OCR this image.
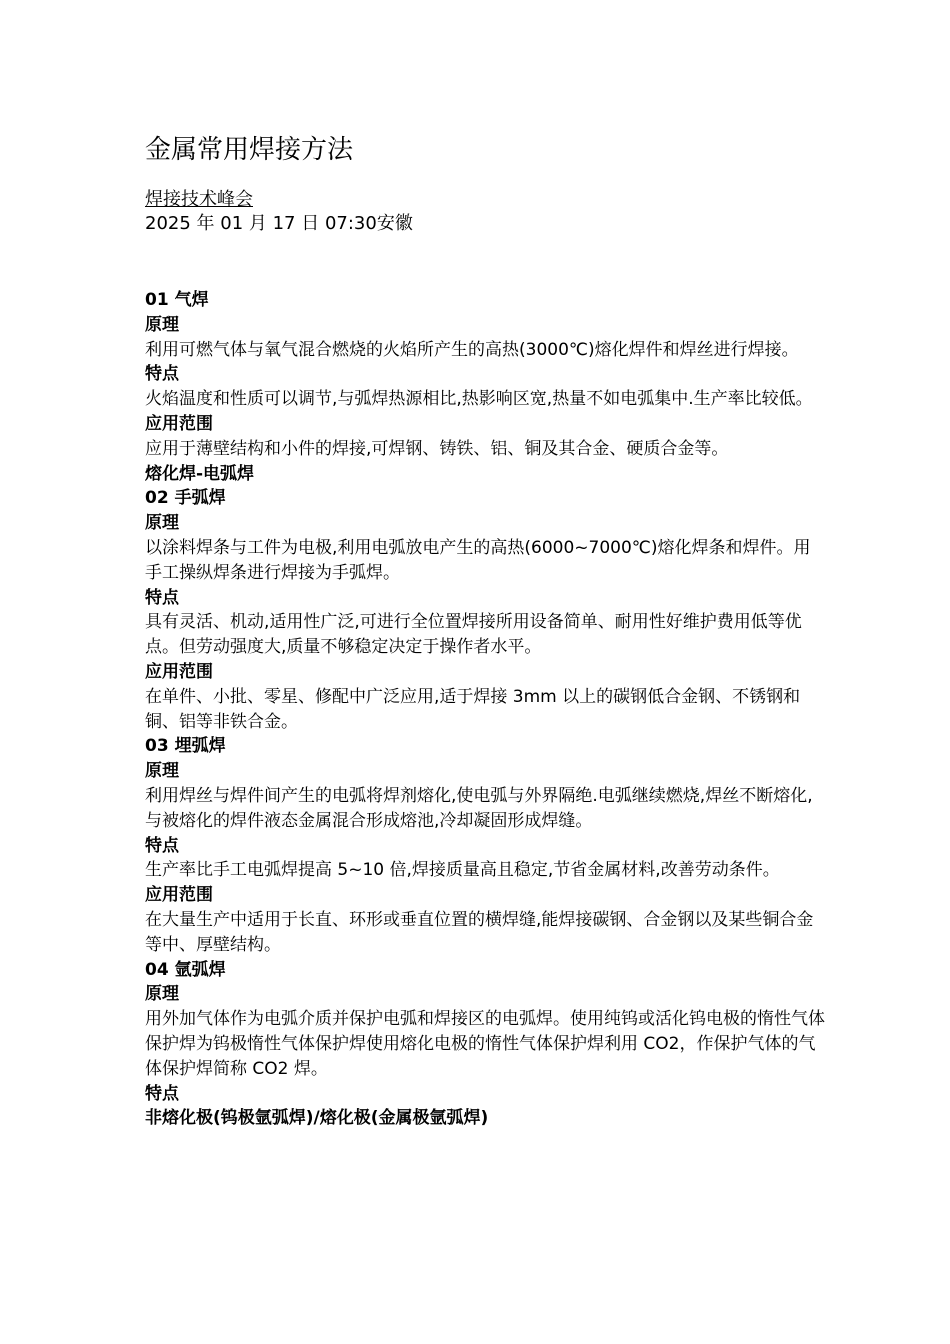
金属常用焊接方法
焊接技术峰会
2025 年 01 月 17 日 07:30安徽
01 气焊
原理
利用可燃气体与氧气混合燃烧的火焰所产生的高热(3000℃)熔化焊件和焊丝进行焊接。
特点
火焰温度和性质可以调节,与弧焊热源相比,热影响区宽,热量不如电弧集中.生产率比较低。
应用范围
应用于薄壁结构和小件的焊接,可焊钢、铸铁、铝、铜及其合金、硬质合金等。
熔化焊-电弧焊
02 手弧焊
原理
以涂料焊条与工件为电极,利用电弧放电产生的高热(6000~7000℃)熔化焊条和焊件。用手工操纵焊条进行焊接为手弧焊。
特点
具有灵活、机动,适用性广泛,可进行全位置焊接所用设备简单、耐用性好维护费用低等优点。但劳动强度大,质量不够稳定决定于操作者水平。
应用范围
在单件、小批、零星、修配中广泛应用,适于焊接 3mm 以上的碳钢低合金钢、不锈钢和铜、铝等非铁合金。
03 埋弧焊
原理
利用焊丝与焊件间产生的电弧将焊剂熔化,使电弧与外界隔绝.电弧继续燃烧,焊丝不断熔化,与被熔化的焊件液态金属混合形成熔池,冷却凝固形成焊缝。
特点
生产率比手工电弧焊提高 5~10 倍,焊接质量高且稳定,节省金属材料,改善劳动条件。
应用范围
在大量生产中适用于长直、环形或垂直位置的横焊缝,能焊接碳钢、合金钢以及某些铜合金等中、厚壁结构。
04 氩弧焊
原理
用外加气体作为电弧介质并保护电弧和焊接区的电弧焊。使用纯钨或活化钨电极的惰性气体保护焊为钨极惰性气体保护焊使用熔化电极的惰性气体保护焊利用 CO2，作保护气体的气体保护焊简称 CO2 焊。
特点
非熔化极(钨极氩弧焊)/熔化极(金属极氩弧焊)
